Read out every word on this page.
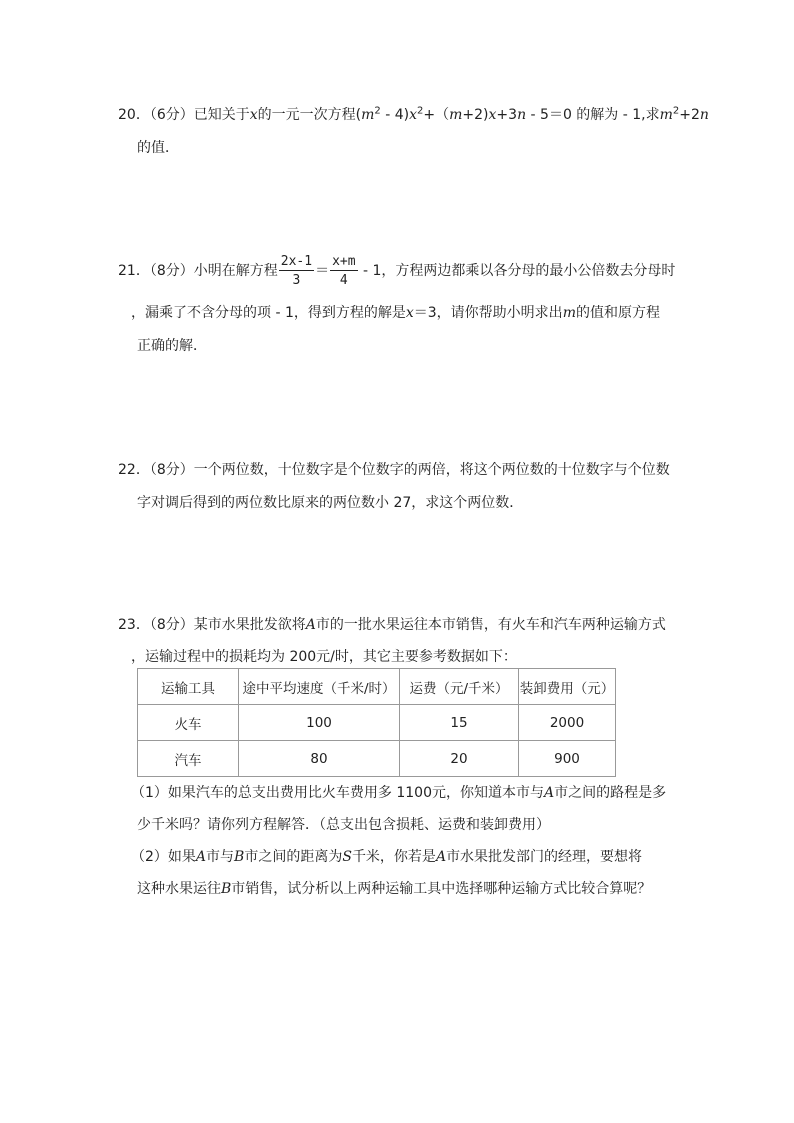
20．（6分）已知关于x的一元一次方程$(m^2 - 4)x^2+(m+2)x+3n - 5=0$ 的解为 - 1,求$m^2+2n$
的值．
21．（8分）小明在解方程 $\frac{2x-1}{3} = \frac{x+m}{4} - 1$，方程两边都乘以各分母的最小公倍数去分母时
，漏乘了不含分母的项 - 1，得到方程的解是x＝3，请你帮助小明求出m的值和原方程
正确的解．
22．（8分）一个两位数，十位数字是个位数字的两倍，将这个两位数的十位数字与个位数
字对调后得到的两位数比原来的两位数小 27，求这个两位数．
23．（8分）某市水果批发欲将A市的一批水果运往本市销售，有火车和汽车两种运输方式
，运输过程中的损耗均为 200元/时，其它主要参考数据如下：
运输工具	途中平均速度（千米/时）	运费（元/千米）	装卸费用（元）
火车	100	15	2000
汽车	80	20	900
（1）如果汽车的总支出费用比火车费用多 1100元，你知道本市与A市之间的路程是多
少千米吗？请你列方程解答．（总支出包含损耗、运费和装卸费用）
（2）如果A市与B市之间的距离为S千米，你若是A市水果批发部门的经理，要想将
这种水果运往B市销售，试分析以上两种运输工具中选择哪种运输方式比较合算呢？
